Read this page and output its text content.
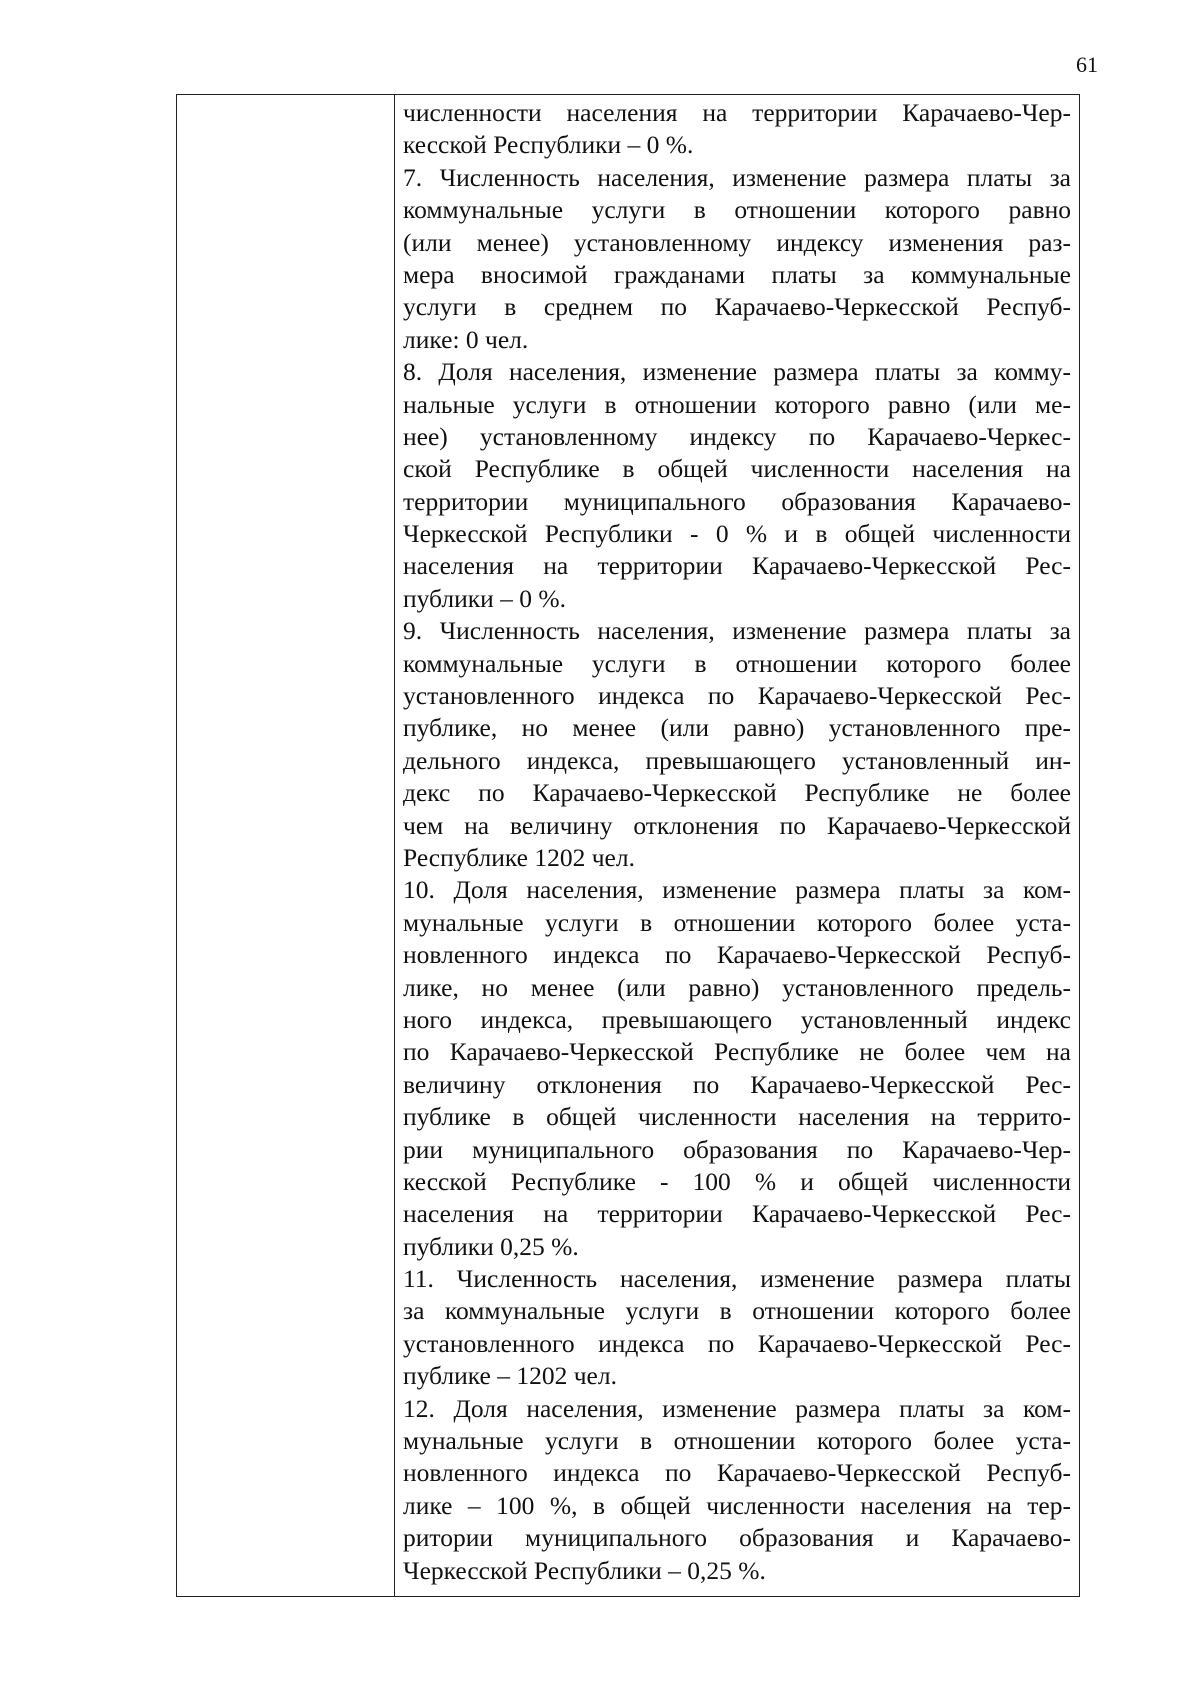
61
численности населения на территории Карачаево-Чер-
кесской Республики – 0 %.
7. Численность населения, изменение размера платы за
коммунальные услуги в отношении которого равно
(или менее) установленному индексу изменения раз-
мера вносимой гражданами платы за коммунальные
услуги в среднем по Карачаево-Черкесской Респуб-
лике: 0 чел.
8. Доля населения, изменение размера платы за комму-
нальные услуги в отношении которого равно (или ме-
нее) установленному индексу по Карачаево-Черкес-
ской Республике в общей численности населения на
территории муниципального образования Карачаево-
Черкесской Республики - 0 % и в общей численности
населения на территории Карачаево-Черкесской Рес-
публики – 0 %.
9. Численность населения, изменение размера платы за
коммунальные услуги в отношении которого более
установленного индекса по Карачаево-Черкесской Рес-
публике, но менее (или равно) установленного пре-
дельного индекса, превышающего установленный ин-
декс по Карачаево-Черкесской Республике не более
чем на величину отклонения по Карачаево-Черкесской
Республике 1202 чел.
10. Доля населения, изменение размера платы за ком-
мунальные услуги в отношении которого более уста-
новленного индекса по Карачаево-Черкесской Респуб-
лике, но менее (или равно) установленного предель-
ного индекса, превышающего установленный индекс
по Карачаево-Черкесской Республике не более чем на
величину отклонения по Карачаево-Черкесской Рес-
публике в общей численности населения на террито-
рии муниципального образования по Карачаево-Чер-
кесской Республике - 100 % и общей численности
населения на территории Карачаево-Черкесской Рес-
публики 0,25 %.
11. Численность населения, изменение размера платы
за коммунальные услуги в отношении которого более
установленного индекса по Карачаево-Черкесской Рес-
публике – 1202 чел.
12. Доля населения, изменение размера платы за ком-
мунальные услуги в отношении которого более уста-
новленного индекса по Карачаево-Черкесской Респуб-
лике – 100 %, в общей численности населения на тер-
ритории муниципального образования и Карачаево-
Черкесской Республики – 0,25 %.
